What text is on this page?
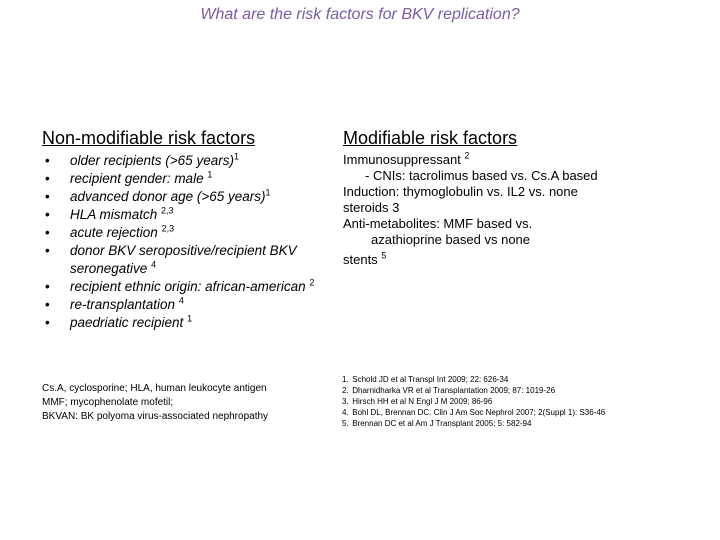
What are the risk factors for BKV replication?
Non-modifiable risk factors	Modifiable risk factors
• older recipients (>65 years)$^1$
• recipient gender: male $^1$
• advanced donor age (>65 years)$^1$
• HLA mismatch $^{2,3}$
• acute rejection $^{2,3}$
• donor BKV seropositive/recipient BKV seronegative $^4$
• recipient ethnic origin: african-american $^2$
• re-transplantation $^4$
• paedriatic recipient $^1$
Immunosuppressant $^2$
- CNIs: tacrolimus based vs. Cs.A based
Induction: thymoglobulin vs. IL2 vs. none
steroids 3
Anti-metabolites: MMF based vs.
azathioprine based vs none
stents $^5$
Cs.A, cyclosporine; HLA, human leukocyte antigen
MMF; mycophenolate mofetil;
BKVAN: BK polyoma virus-associated nephropathy
1. Schold JD et al Transpl Int 2009; 22: 626-34
2. Dharnidharka VR et al Transplantation 2009; 87: 1019-26
3. Hirsch HH et al N Engl J M 2009; 86-96
4. Bohl DL, Brennan DC. Clin J Am Soc Nephrol 2007; 2(Suppl 1): S36-46
5. Brennan DC et al Am J Transplant 2005; 5: 582-94
